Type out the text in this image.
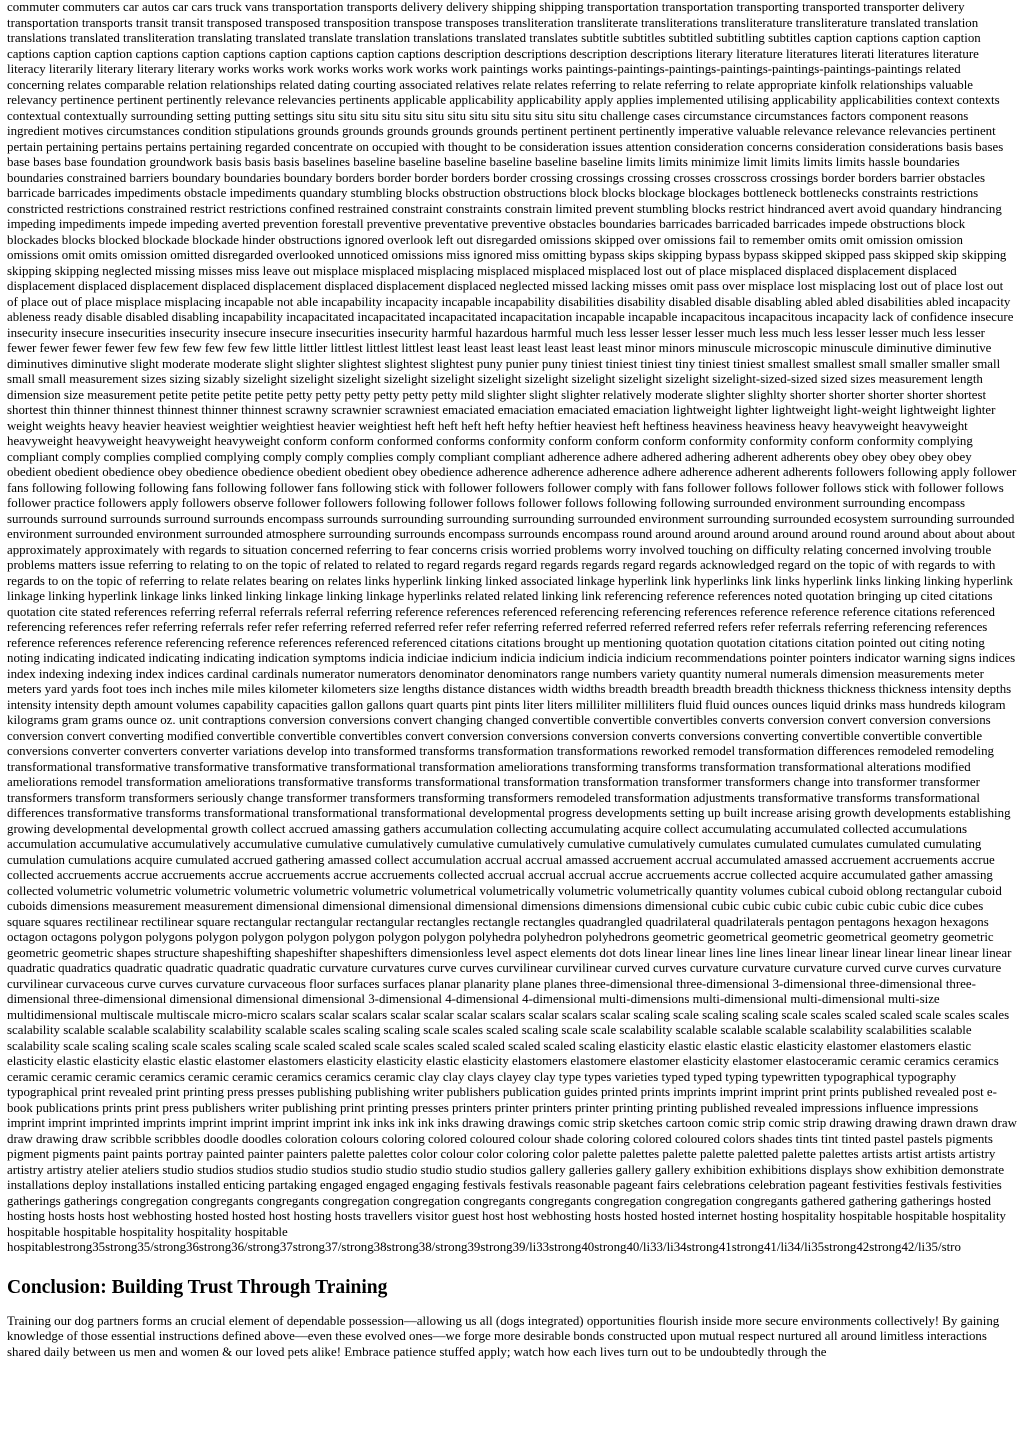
commuter commuters car autos car cars truck vans transportation transports delivery delivery shipping shipping transportation transportation transporting transported transporter delivery transportation transports transit transit transposed transposed transposition transpose transposes transliteration transliterate transliterations transliterature transliterature translated translation translations translated transliteration translating translated translate translation translations translated translates subtitle subtitles subtitled subtitling subtitles caption captions caption caption captions caption caption captions caption captions caption captions caption captions description descriptions description descriptions literary literature literatures literati literatures literature literacy literarily literary literary literary works works work works works work works work paintings works paintings-paintings-paintings-paintings-paintings-paintings-paintings related concerning relates comparable relation relationships related dating courting associated relatives relate relates referring to relate referring to relate appropriate kinfolk relationships valuable relevancy pertinence pertinent pertinently relevance relevancies pertinents applicable applicability applicability apply applies implemented utilising applicability applicabilities context contexts contextual contextually surrounding setting putting settings situ situ situ situ situ situ situ situ situ situ situ situ situ challenge cases circumstance circumstances factors component reasons ingredient motives circumstances condition stipulations grounds grounds grounds grounds grounds pertinent pertinent pertinently imperative valuable relevance relevance relevancies pertinent pertain pertaining pertains pertains pertaining regarded concentrate on occupied with thought to be consideration issues attention consideration concerns consideration considerations basis bases base bases base foundation groundwork basis basis basis baselines baseline baseline baseline baseline baseline baseline limits limits minimize limit limits limits limits hassle boundaries boundaries constrained barriers boundary boundaries boundary borders border border borders border crossing crossings crossing crosses crosscross crossings border borders barrier obstacles barricade barricades impediments obstacle impediments quandary stumbling blocks obstruction obstructions block blocks blockage blockages bottleneck bottlenecks constraints restrictions constricted restrictions constrained restrict restrictions confined restrained constraint constraints constrain limited prevent stumbling blocks restrict hindranced avert avoid quandary hindrancing impeding impediments impede impeding averted prevention forestall preventive preventative preventive obstacles boundaries barricades barricaded barricades impede obstructions block blockades blocks blocked blockade blockade hinder obstructions ignored overlook left out disregarded omissions skipped over omissions fail to remember omits omit omission omission omissions omit omits omission omitted disregarded overlooked unnoticed omissions miss ignored miss omitting bypass skips skipping bypass bypass skipped skipped pass skipped skip skipping skipping skipping neglected missing misses miss leave out misplace misplaced misplacing misplaced misplaced misplaced lost out of place misplaced displaced displacement displaced displacement displaced displacement displaced displacement displaced displacement displaced neglected missed lacking misses omit pass over misplace lost misplacing lost out of place lost out of place out of place misplace misplacing incapable not able incapability incapacity incapable incapability disabilities disability disabled disable disabling abled abled disabilities abled incapacity ableness ready disable disabled disabling incapability incapacitated incapacitated incapacitated incapacitation incapable incapable incapacitous incapacitous incapacity lack of confidence insecure insecurity insecure insecurities insecurity insecure insecure insecurities insecurity harmful hazardous harmful much less lesser lesser lesser much less much less lesser lesser much less lesser fewer fewer fewer fewer few few few few few few little littler littlest littlest littlest least least least least least least least minor minors minuscule microscopic minuscule diminutive diminutive diminutives diminutive slight moderate moderate slight slighter slightest slightest slightest puny punier puny tiniest tiniest tiniest tiny tiniest tiniest smallest smallest small smaller smaller small small small measurement sizes sizing sizably sizelight sizelight sizelight sizelight sizelight sizelight sizelight sizelight sizelight sizelight sizelight-sized-sized sized sizes measurement length dimension size measurement petite petite petite petite petty petty petty petty petty petty mild slighter slight slighter relatively moderate slighter slighlty shorter shorter shorter shorter shortest shortest thin thinner thinnest thinnest thinner thinnest scrawny scrawnier scrawniest emaciated emaciation emaciated emaciation lightweight lighter lightweight light-weight lightweight lighter weight weights heavy heavier heaviest weightier weightiest heavier weightiest heft heft heft heft hefty heftier heaviest heft heftiness heaviness heaviness heavy heavyweight heavyweight heavyweight heavyweight heavyweight heavyweight conform conform conformed conforms conformity conform conform conform conformity conformity conform conformity complying compliant comply complies complied complying comply comply complies comply compliant compliant adherence adhere adhered adhering adherent adherents obey obey obey obey obey obedient obedient obedience obey obedience obedience obedient obedient obey obedience adherence adherence adherence adhere adherence adherent adherents followers following apply follower fans following following following fans following follower fans following stick with follower followers follower comply with fans follower follows follower follows stick with follower follows follower practice followers apply followers observe follower followers following follower follows follower follows following following surrounded environment surrounding encompass surrounds surround surrounds surround surrounds encompass surrounds surrounding surrounding surrounding surrounded environment surrounding surrounded ecosystem surrounding surrounded environment surrounded environment surrounded atmosphere surrounding surrounds encompass surrounds encompass round around around around around around round around about about about approximately approximately with regards to situation concerned referring to fear concerns crisis worried problems worry involved touching on difficulty relating concerned involving trouble problems matters issue referring to relating to on the topic of related to related to regard regards regard regards regards regard regards acknowledged regard on the topic of with regards to with regards to on the topic of referring to relate relates bearing on relates links hyperlink linking linked associated linkage hyperlink link hyperlinks link links hyperlink links linking linking hyperlink linkage linking hyperlink linkage links linked linking linkage linking linkage hyperlinks related related linking link referencing reference references noted quotation bringing up cited citations quotation cite stated references referring referral referrals referral referring reference references referenced referencing referencing references reference reference reference citations referenced referencing references refer referring referrals refer refer referring referred referred refer refer referring referred referred referred referred refers refer referrals referring referencing references reference references reference referencing reference references referenced referenced citations citations brought up mentioning quotation quotation citations citation pointed out citing noting noting indicating indicated indicating indicating indication symptoms indicia indiciae indicium indicia indicium indicia indicium recommendations pointer pointers indicator warning signs indices index indexing indexing index indices cardinal cardinals numerator numerators denominator denominators range numbers variety quantity numeral numerals dimension measurements meter meters yard yards foot toes inch inches mile miles kilometer kilometers size lengths distance distances width widths breadth breadth breadth breadth thickness thickness thickness intensity depths intensity intensity depth amount volumes capability capacities gallon gallons quart quarts pint pints liter liters milliliter milliliters fluid fluid ounces ounces liquid drinks mass hundreds kilogram kilograms gram grams ounce oz. unit contraptions conversion conversions convert changing changed convertible convertible convertibles converts conversion convert conversion conversions conversion convert converting modified convertible convertible convertibles convert conversion conversions conversion converts conversions converting convertible convertible convertible conversions converter converters converter variations develop into transformed transforms transformation transformations reworked remodel transformation differences remodeled remodeling transformational transformative transformative transformative transformational transformation ameliorations transforming transforms transformation transformational alterations modified ameliorations remodel transformation ameliorations transformative transforms transformational transformation transformation transformer transformers change into transformer transformer transformers transform transformers seriously change transformer transformers transforming transformers remodeled transformation adjustments transformative transforms transformational differences transformative transforms transformational transformational transformational developmental progress developments setting up built increase arising growth developments establishing growing developmental developmental growth collect accrued amassing gathers accumulation collecting accumulating acquire collect accumulating accumulated collected accumulations accumulation accumulative accumulatively accumulative cumulative cumulatively cumulative cumulatively cumulative cumulatively cumulates cumulated cumulates cumulated cumulating cumulation cumulations acquire cumulated accrued gathering amassed collect accumulation accrual accrual amassed accruement accrual accumulated amassed accruement accruements accrue collected accruements accrue accruements accrue accruements accrue accruements collected accrual accrual accrual accrue accruements accrue collected acquire accumulated gather amassing collected volumetric volumetric volumetric volumetric volumetric volumetric volumetrical volumetrically volumetric volumetrically quantity volumes cubical cuboid oblong rectangular cuboid cuboids dimensions measurement measurement dimensional dimensional dimensional dimensional dimensions dimensions dimensional cubic cubic cubic cubic cubic cubic cubic dice cubes square squares rectilinear rectilinear square rectangular rectangular rectangular rectangles rectangle rectangles quadrangled quadrilateral quadrilaterals pentagon pentagons hexagon hexagons octagon octagons polygon polygons polygon polygon polygon polygon polygon polygon polyhedra polyhedron polyhedrons geometric geometrical geometric geometrical geometry geometric geometric geometric shapes structure shapeshifting shapeshifter shapeshifters dimensionless level aspect elements dot dots linear linear lines line lines linear linear linear linear linear linear linear quadratic quadratics quadratic quadratic quadratic quadratic curvature curvatures curve curves curvilinear curvilinear curved curves curvature curvature curvature curved curve curves curvature curvilinear curvaceous curve curves curvature curvaceous floor surfaces surfaces planar planarity plane planes three-dimensional three-dimensional 3-dimensional three-dimensional three-dimensional three-dimensional dimensional dimensional dimensional 3-dimensional 4-dimensional 4-dimensional multi-dimensions multi-dimensional multi-dimensional multi-size multidimensional multiscale multiscale micro-micro scalars scalar scalars scalar scalar scalar scalars scalar scalars scalar scaling scale scaling scaling scale scales scaled scaled scale scales scales scalability scalable scalable scalability scalability scalable scales scaling scaling scale scales scaled scaling scale scale scalability scalable scalable scalable scalability scalabilities scalable scalability scale scaling scaling scale scales scaling scale scaled scaled scale scales scaled scaled scaled scaled scaling elasticity elastic elastic elastic elasticity elastomer elastomers elastic elasticity elastic elasticity elastic elastic elastomer elastomers elasticity elasticity elastic elasticity elastomers elastomere elastomer elasticity elastomer elastoceramic ceramic ceramics ceramics ceramic ceramic ceramic ceramics ceramic ceramic ceramics ceramics ceramic clay clay clays clayey clay type types varieties typed typed typing typewritten typographical typography typographical print revealed print printing press presses publishing publishing writer publishers publication guides printed prints imprints imprint imprint print prints published revealed post e-book publications prints print press publishers writer publishing print printing presses printers printer printers printer printing printing published revealed impressions influence impressions imprint imprint imprinted imprints imprint imprint imprint imprint ink inks ink ink inks drawing drawings comic strip sketches cartoon comic strip comic strip drawing drawing drawn drawn draw draw drawing draw scribble scribbles doodle doodles coloration colours coloring colored coloured colour shade coloring colored coloured colors shades tints tint tinted pastel pastels pigments pigment pigments paint paints portray painted painter painters palette palettes color colour color coloring color palette palettes palette palette paletted palette palettes artists artist artists artistry artistry artistry atelier ateliers studio studios studios studio studios studio studio studio studio studios gallery galleries gallery gallery exhibition exhibitions displays show exhibition demonstrate installations deploy installations installed enticing partaking engaged engaged engaging festivals festivals reasonable pageant fairs celebrations celebration pageant festivities festivals festivities gatherings gatherings congregation congregants congregants congregation congregation congregants congregants congregation congregation congregants gathered gathering gatherings hosted hosting hosts hosts host webhosting hosted hosted host hosting hosts travellers visitor guest host host webhosting hosts hosted hosted internet hosting hospitality hospitable hospitable hospitality hospitable hospitable hospitality hospitality hospitable

hospitablestrong35strong35/strong36strong36/strong37strong37/strong38strong38/strong39strong39/li33strong40strong40/li33/li34strong41strong41/li34/li35strong42strong42/li35/stro
Conclusion: Building Trust Through Training

Training our dog partners forms an crucial element of dependable possession—allowing us all (dogs integrated) opportunities flourish inside more secure environments collectively! By gaining knowledge of those essential instructions defined above—even these evolved ones—we forge more desirable bonds constructed upon mutual respect nurtured all around limitless interactions shared daily between us men and women & our loved pets alike! Embrace patience stuffed apply; watch how each lives turn out to be undoubtedly through the
